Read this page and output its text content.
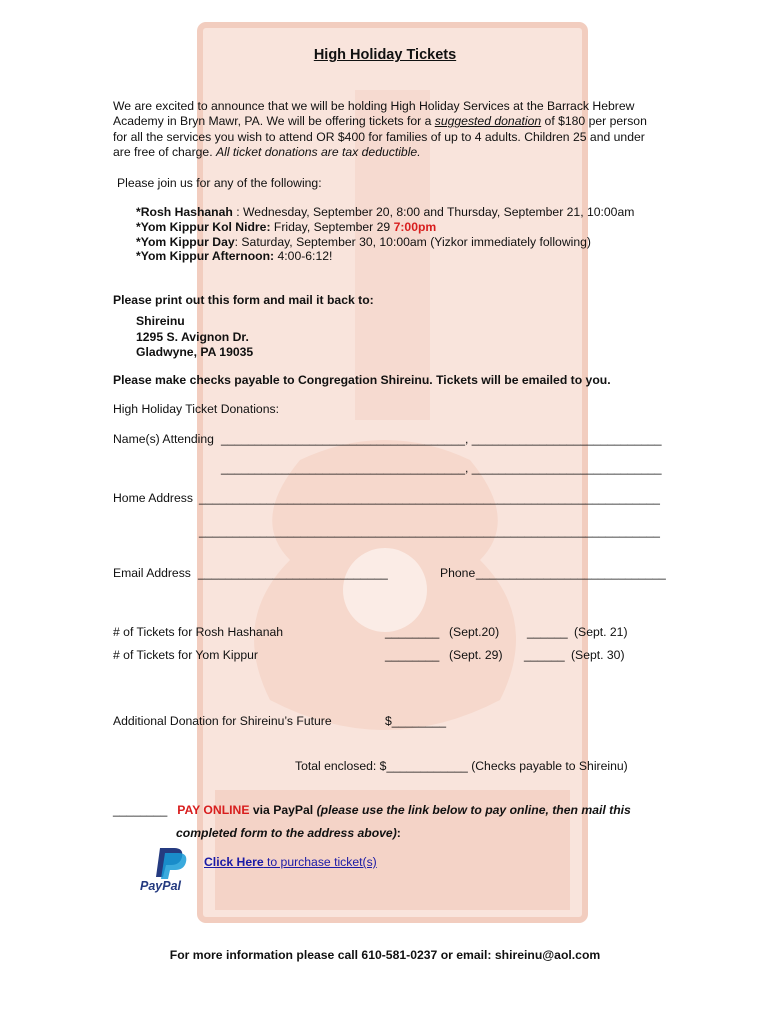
High Holiday Tickets
We are excited to announce that we will be holding High Holiday Services at the Barrack Hebrew Academy in Bryn Mawr, PA. We will be offering tickets for a suggested donation of $180 per person for all the services you wish to attend OR $400 for families of up to 4 adults. Children 25 and under are free of charge. All ticket donations are tax deductible.
Please join us for any of the following:
*Rosh Hashanah : Wednesday, September 20, 8:00 and Thursday, September 21, 10:00am
*Yom Kippur Kol Nidre: Friday, September 29 7:00pm
*Yom Kippur Day: Saturday, September 30, 10:00am (Yizkor immediately following)
*Yom Kippur Afternoon: 4:00-6:12!
Please print out this form and mail it back to:
Shireinu
1295 S. Avignon Dr.
Gladwyne, PA 19035
Please make checks payable to Congregation Shireinu. Tickets will be emailed to you.
High Holiday Ticket Donations:
Name(s) Attending ____________________________________, ____________________________
____________________________________, ____________________________
Home Address ____________________________________________________________________
____________________________________________________________________
Email Address ____________________________	Phone ____________________________
# of Tickets for Rosh Hashanah	________ (Sept.20) ______ (Sept. 21)
# of Tickets for Yom Kippur	________ (Sept. 29) ______ (Sept. 30)
Additional Donation for Shireinu’s Future	$________
Total enclosed: $____________ (Checks payable to Shireinu)
________ PAY ONLINE via PayPal (please use the link below to pay online, then mail this
completed form to the address above):
PayPal
Click Here to purchase ticket(s)
For more information please call 610-581-0237 or email: shireinu@aol.com
